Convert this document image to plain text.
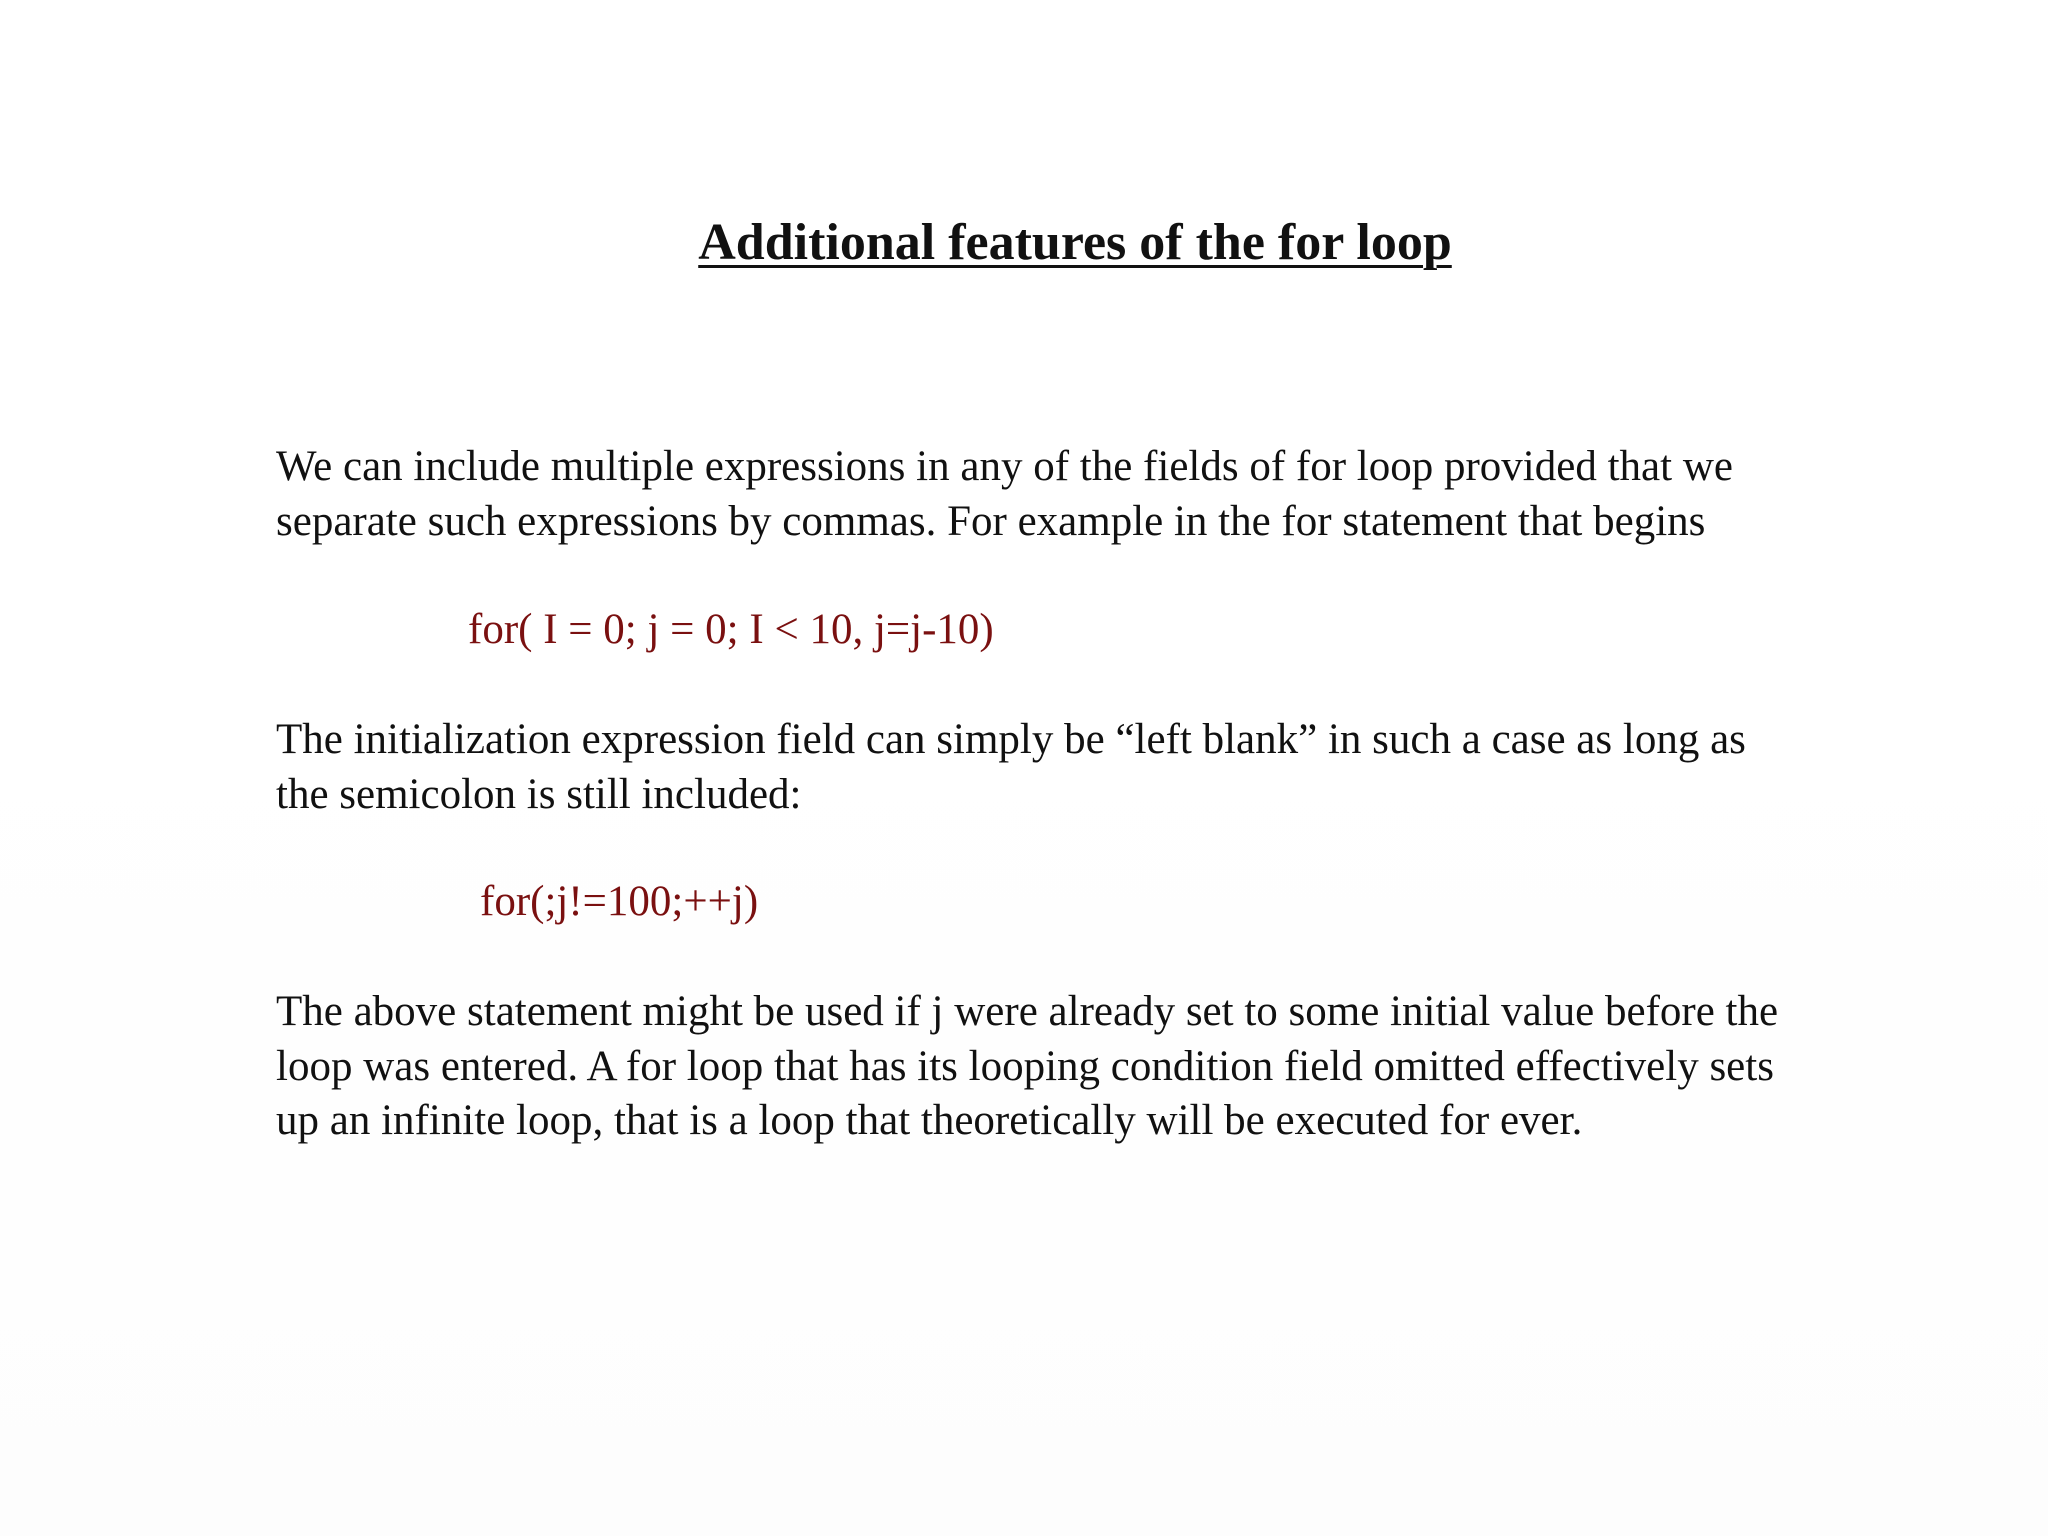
Additional features of the for loop
We can include multiple expressions in any of the fields of for loop provided that we
separate such expressions by commas. For example in the for statement that begins
for( I = 0; j = 0; I < 10, j=j-10)
The initialization expression field can simply be “left blank” in such a case as long as
the semicolon is still included:
for(;j!=100;++j)
The above statement might be used if j were already set to some initial value before the
loop was entered. A for loop that has its looping condition field omitted effectively sets
up an infinite loop, that is a loop that theoretically will be executed for ever.
